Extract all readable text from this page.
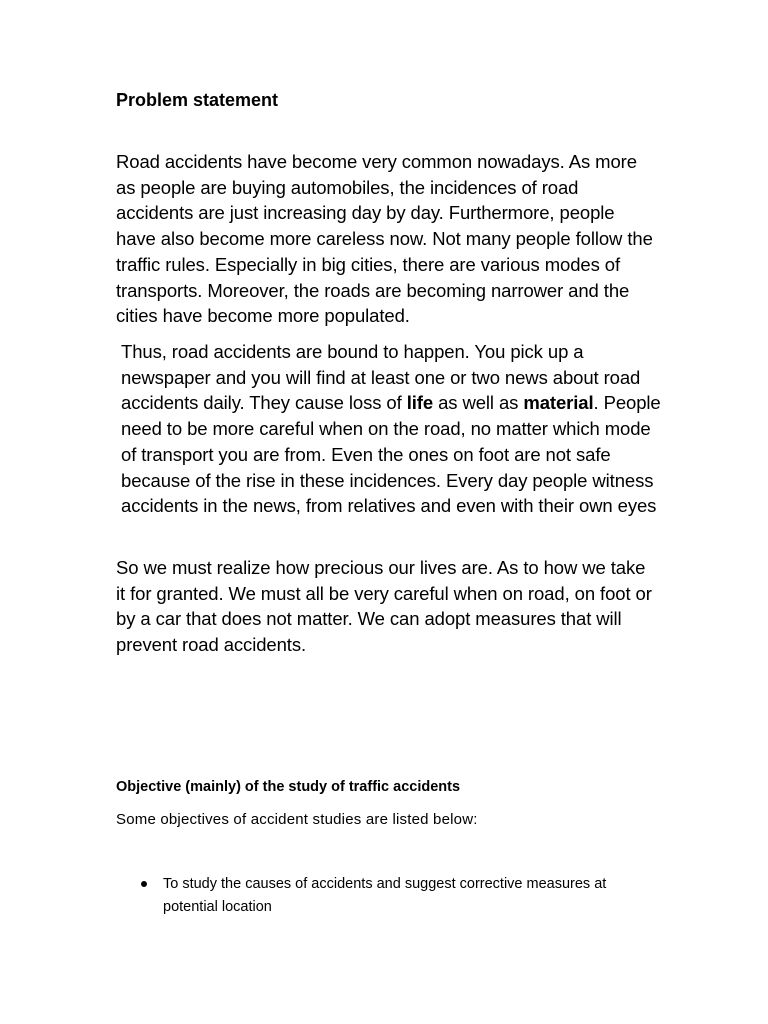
Problem statement

Road accidents have become very common nowadays. As more as people are buying automobiles, the incidences of road accidents are just increasing day by day. Furthermore, people have also become more careless now. Not many people follow the traffic rules. Especially in big cities, there are various modes of transports. Moreover, the roads are becoming narrower and the cities have become more populated.

Thus, road accidents are bound to happen. You pick up a newspaper and you will find at least one or two news about road accidents daily. They cause loss of life as well as material. People need to be more careful when on the road, no matter which mode of transport you are from. Even the ones on foot are not safe because of the rise in these incidences. Every day people witness accidents in the news, from relatives and even with their own eyes

So we must realize how precious our lives are. As to how we take it for granted. We must all be very careful when on road, on foot or by a car that does not matter. We can adopt measures that will prevent road accidents.

Objective (mainly) of the study of traffic accidents

Some objectives of accident studies are listed below:

To study the causes of accidents and suggest corrective measures at potential location
